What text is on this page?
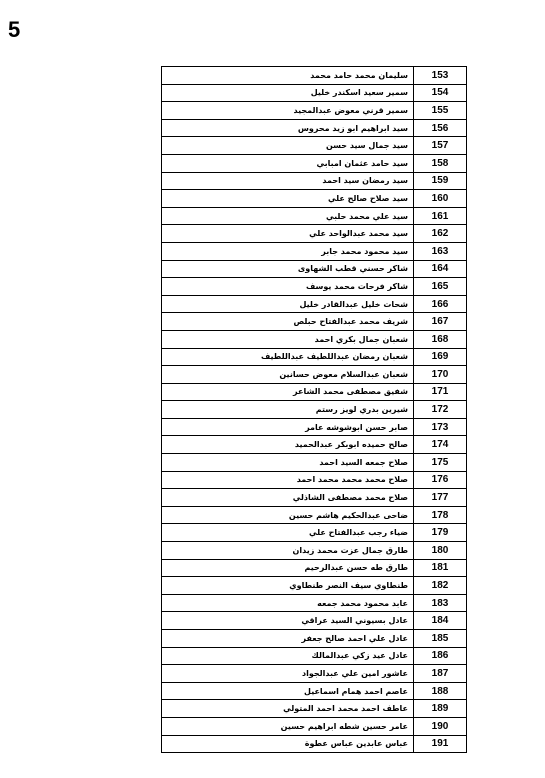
5
سليمان محمد حامد محمد	153
سمير سعيد اسكندر خليل	154
سمير قرني معوض عبدالمجيد	155
سيد ابراهيم ابو زيد محروس	156
سيد جمال سيد حسن	157
سيد حامد عثمان امبابي	158
سيد رمضان سيد احمد	159
سيد صلاح صالح علي	160
سيد علي محمد حلبي	161
سيد محمد عبدالواحد علي	162
سيد محمود محمد جابر	163
شاكر حسني قطب الشهاوى	164
شاكر فرحات محمد يوسف	165
شحات خليل عبدالقادر خليل	166
شريف محمد عبدالفتاح حبلص	167
شعبان جمال بكري احمد	168
شعبان رمضان عبداللطيف عبداللطيف	169
شعبان عبدالسلام معوض حسانين	170
شفيق مصطفى محمد الشاعر	171
شيرين بدري لويز رستم	172
صابر حسن ابوشوشه عامر	173
صالح حميده ابوبكر عبدالحميد	174
صلاح جمعه السيد احمد	175
صلاح محمد محمد محمد احمد	176
صلاح محمد مصطفى الشاذلي	177
ضاحى عبدالحكيم هاشم حسين	178
ضياء رجب عبدالفتاح علي	179
طارق جمال عزت محمد زيدان	180
طارق طه حسن عبدالرحيم	181
طنطاوي سيف النصر طنطاوي	182
عابد محمود محمد جمعه	183
عادل بسيوني السيد عراقي	184
عادل علي احمد صالح جعفر	185
عادل عيد زكي عبدالمالك	186
عاشور امين علي عبدالجواد	187
عاصم احمد همام اسماعيل	188
عاطف احمد محمد احمد المتولي	189
عامر حسين شطه ابراهيم حسين	190
عباس عابدين عباس عطوة	191
